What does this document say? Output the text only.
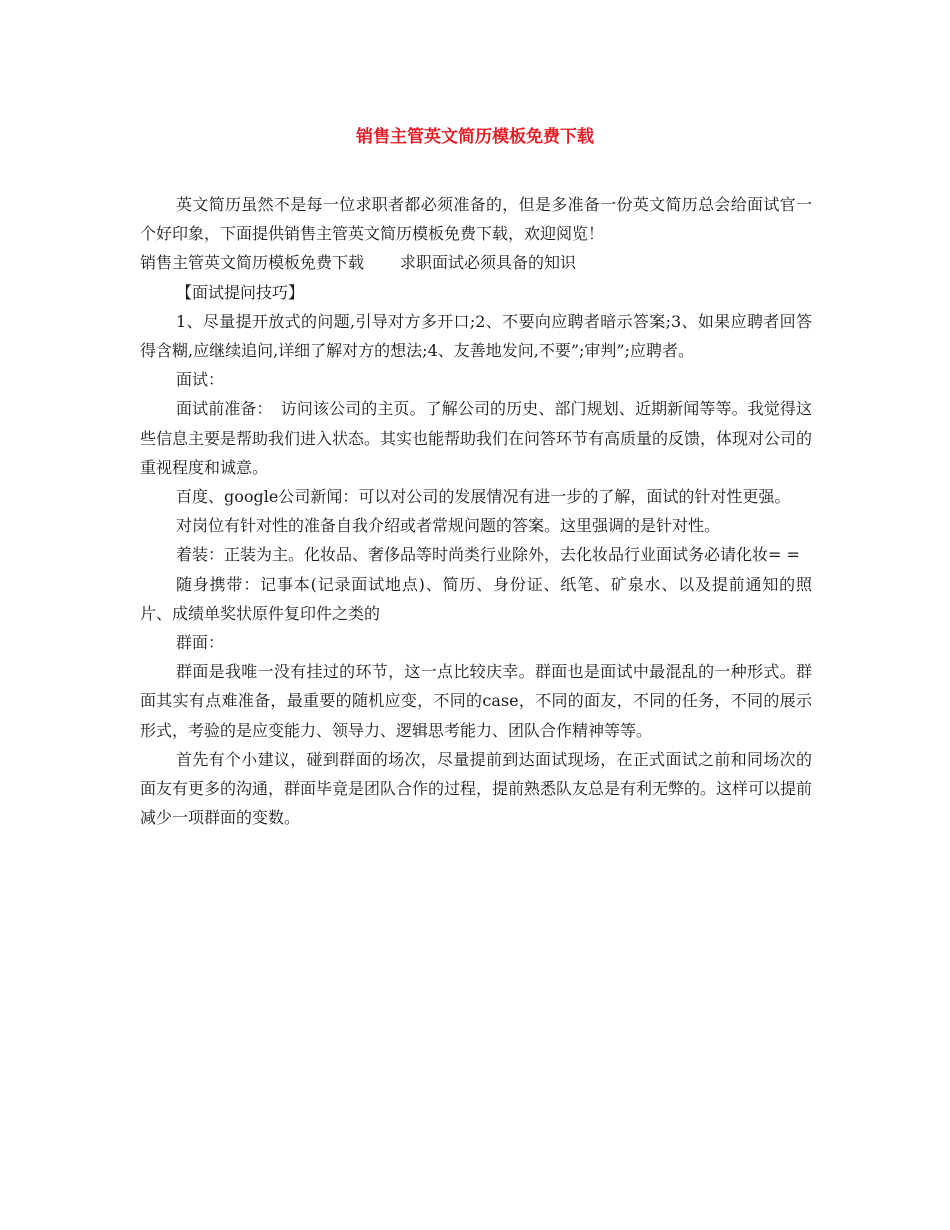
销售主管英文简历模板免费下载

英文简历虽然不是每一位求职者都必须准备的，但是多准备一份英文简历总会给面试官一个好印象，下面提供销售主管英文简历模板免费下载，欢迎阅览！

销售主管英文简历模板免费下载 求职面试必须具备的知识

【面试提问技巧】

1、尽量提开放式的问题,引导对方多开口;2、不要向应聘者暗示答案;3、如果应聘者回答得含糊,应继续追问,详细了解对方的想法;4、友善地发问,不要”;审判”;应聘者。

面试：

面试前准备：　访问该公司的主页。了解公司的历史、部门规划、近期新闻等等。我觉得这些信息主要是帮助我们进入状态。其实也能帮助我们在问答环节有高质量的反馈，体现对公司的重视程度和诚意。

百度、google公司新闻：可以对公司的发展情况有进一步的了解，面试的针对性更强。

对岗位有针对性的准备自我介绍或者常规问题的答案。这里强调的是针对性。

着装：正装为主。化妆品、奢侈品等时尚类行业除外，去化妆品行业面试务必请化妆= =

随身携带：记事本(记录面试地点)、简历、身份证、纸笔、矿泉水、以及提前通知的照片、成绩单奖状原件复印件之类的

群面：

群面是我唯一没有挂过的环节，这一点比较庆幸。群面也是面试中最混乱的一种形式。群面其实有点难准备，最重要的随机应变，不同的case，不同的面友，不同的任务，不同的展示形式，考验的是应变能力、领导力、逻辑思考能力、团队合作精神等等。

首先有个小建议，碰到群面的场次，尽量提前到达面试现场，在正式面试之前和同场次的面友有更多的沟通，群面毕竟是团队合作的过程，提前熟悉队友总是有利无弊的。这样可以提前减少一项群面的变数。
